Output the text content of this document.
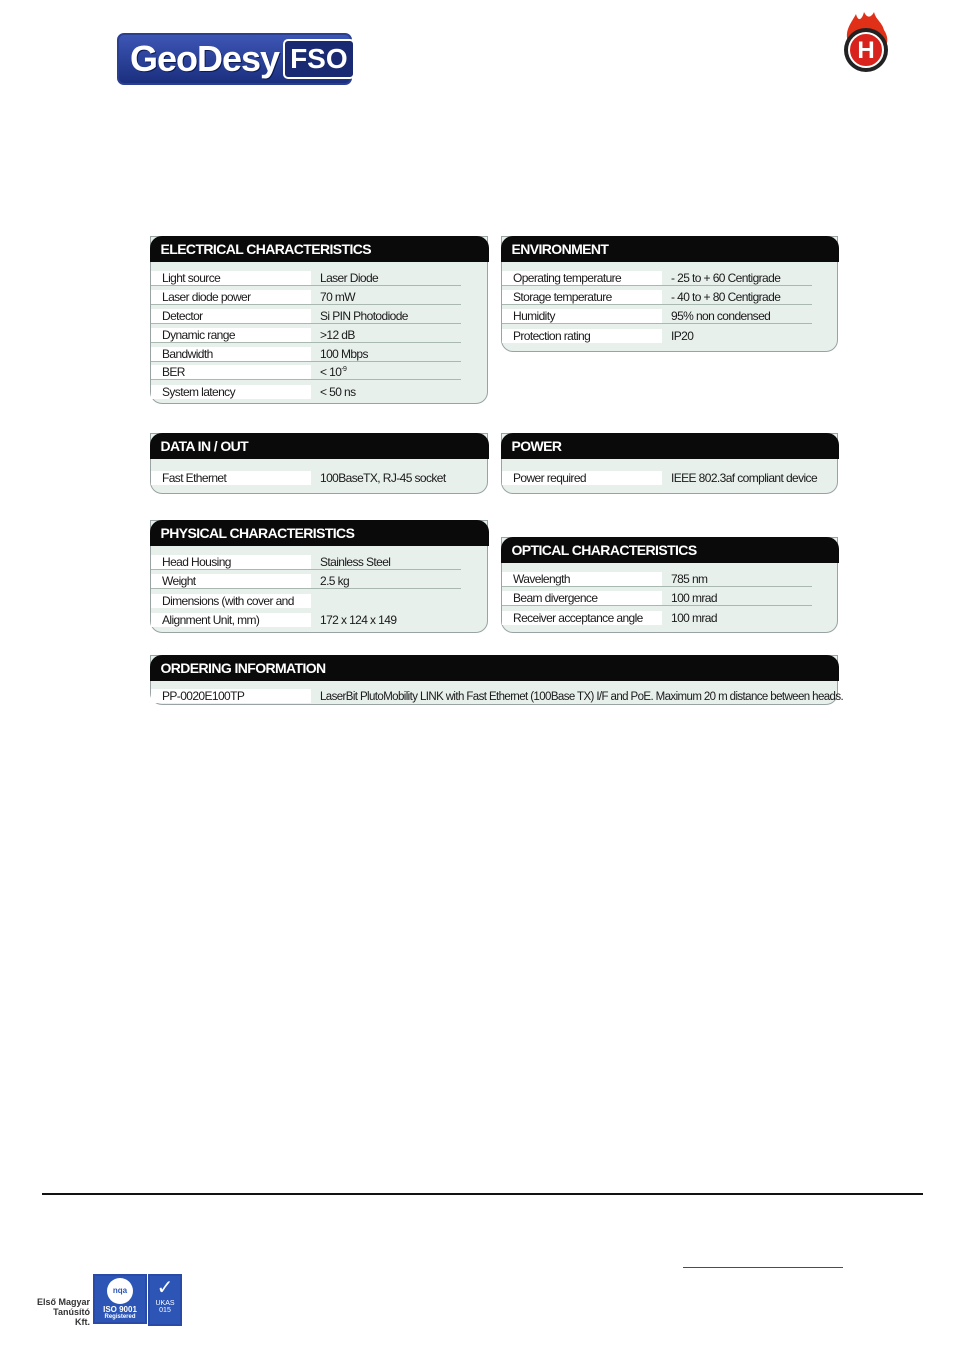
GeoDesy FSO	H
ELECTRICAL CHARACTERISTICS
Light source	Laser Diode
Laser diode power	70 mW
Detector	Si PIN Photodiode
Dynamic range	>12 dB
Bandwidth	100 Mbps
BER	< $10^{-9}$
System latency	< 50 ns
ENVIRONMENT
Operating temperature	- 25 to + 60 Centigrade
Storage temperature	- 40 to + 80 Centigrade
Humidity	95% non condensed
Protection rating	IP20
DATA IN / OUT
Fast Ethernet	100BaseTX, RJ-45 socket
POWER
Power required	IEEE 802.3af compliant device
PHYSICAL CHARACTERISTICS
Head Housing	Stainless Steel
Weight	2.5 kg
Dimensions (with cover and
Alignment Unit, mm)	172 x 124 x 149
OPTICAL CHARACTERISTICS
Wavelength	785 nm
Beam divergence	100 mrad
Receiver acceptance angle	100 mrad
ORDERING INFORMATION
PP-0020E100TP	LaserBit PlutoMobility LINK with Fast Ethernet (100Base TX) I/F and PoE. Maximum 20 m distance between heads.
Első Magyar Tanúsító Kft.
nqa
ISO 9001
Registered
✓
UKAS
015
